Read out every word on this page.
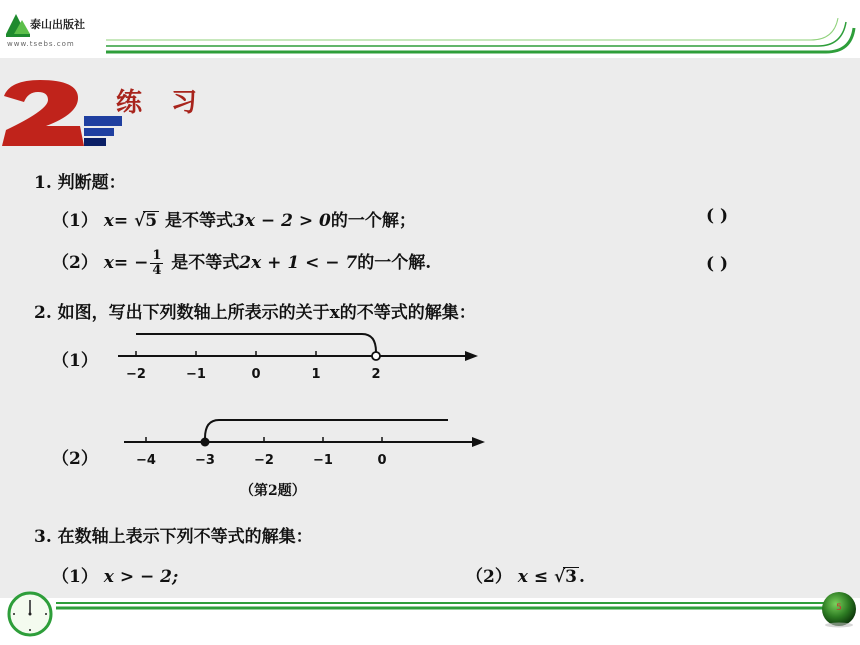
泰山出版社
www.tsebs.com
练 习
1. 判断题：
（1） x= √5 是不等式3x − 2 > 0的一个解；	( )
（2） $x= - \frac{1}{4}$ 是不等式2x + 1 < − 7的一个解.	( )
2. 如图，写出下列数轴上所表示的关于x的不等式的解集：
（1）
−2	−1	0	1	2
（2）	−4	−3	−2	−1	0
（第2题）
3. 在数轴上表示下列不等式的解集：
（1） x > − 2;	（2） x ≤ √3 .
5
